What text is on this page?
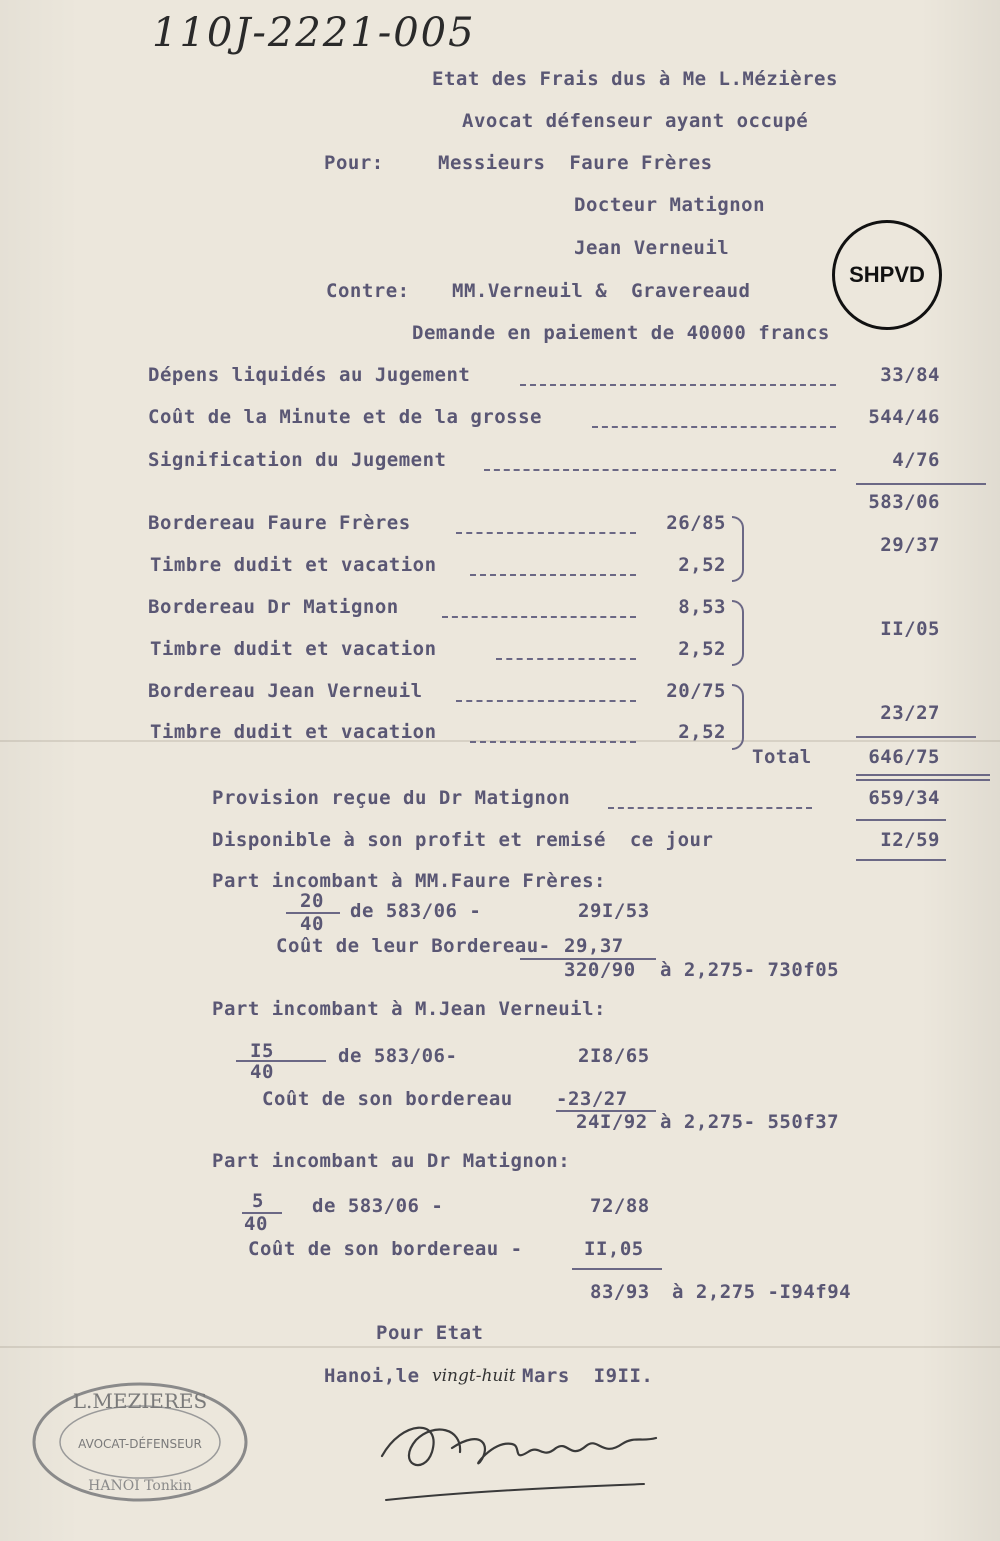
110J-2221-005
SHPVD
Etat des Frais dus à Me L.Mézières
Avocat défenseur ayant occupé
Pour:	Messieurs  Faure Frères
Docteur Matignon
Jean Verneuil
Contre: MM.Verneuil &  Gravereaud
Demande en paiement de 40000 francs
Dépens liquidés au Jugement	33/84
Coût de la Minute et de la grosse	544/46
Signification du Jugement	4/76
583/06
Bordereau Faure Frères	26/85
Timbre dudit et vacation	2,52
29/37
Bordereau Dr Matignon	8,53
Timbre dudit et vacation	2,52
II/05
Bordereau Jean Verneuil	20/75
Timbre dudit et vacation	2,52
23/27
Total	646/75
Provision reçue du Dr Matignon	659/34
Disponible à son profit et remisé  ce jour	I2/59
Part incombant à MM.Faure Frères:
20
40
de 583/06 -	29I/53
Coût de leur Bordereau- 29,37
320/90 à 2,275- 730f05
Part incombant à M.Jean Verneuil:
I5
40
de 583/06-	2I8/65
Coût de son bordereau -23/27
24I/92 à 2,275- 550f37
Part incombant au Dr Matignon:
5
40
de 583/06 -	72/88
Coût de son bordereau -	II,05
83/93 à 2,275 -I94f94
Pour Etat
Hanoi,le vingt-huit Mars  I9II.
L.MEZIERES
AVOCAT-DÉFENSEUR
HANOI Tonkin
